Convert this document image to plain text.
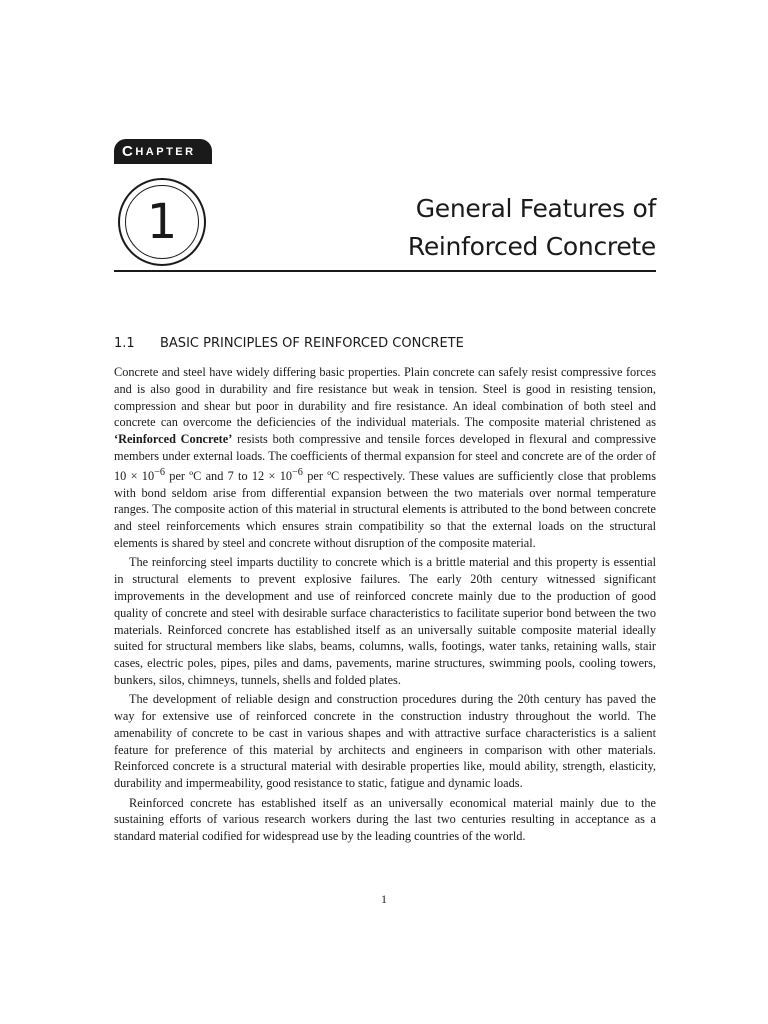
C HAPTER
1	General Features of
Reinforced Concrete
1.1 BASIC PRINCIPLES OF REINFORCED CONCRETE

Concrete and steel have widely differing basic properties. Plain concrete can safely resist compressive forces and is also good in durability and fire resistance but weak in tension. Steel is good in resisting tension, compression and shear but poor in durability and fire resistance. An ideal combination of both steel and concrete can overcome the deficiencies of the individual materials. The composite material christened as ‘Reinforced Concrete’ resists both compressive and tensile forces developed in flexural and compressive members under external loads. The coefficients of thermal expansion for steel and concrete are of the order of $10 \times 10^{-6}$ per ºC and 7 to $12 \times 10^{-6}$ per ºC respectively. These values are sufficiently close that problems with bond seldom arise from differential expansion between the two materials over normal temperature ranges. The composite action of this material in structural elements is attributed to the bond between concrete and steel reinforcements which ensures strain compatibility so that the external loads on the structural elements is shared by steel and concrete without disruption of the composite material.

The reinforcing steel imparts ductility to concrete which is a brittle material and this property is essential in structural elements to prevent explosive failures. The early 20th century witnessed significant improvements in the development and use of reinforced concrete mainly due to the production of good quality of concrete and steel with desirable surface characteristics to facilitate superior bond between the two materials. Reinforced concrete has established itself as an universally suitable composite material ideally suited for structural members like slabs, beams, columns, walls, footings, water tanks, retaining walls, stair cases, electric poles, pipes, piles and dams, pavements, marine structures, swimming pools, cooling towers, bunkers, silos, chimneys, tunnels, shells and folded plates.

The development of reliable design and construction procedures during the 20th century has paved the way for extensive use of reinforced concrete in the construction industry throughout the world. The amenability of concrete to be cast in various shapes and with attractive surface characteristics is a salient feature for preference of this material by architects and engineers in comparison with other materials. Reinforced concrete is a structural material with desirable properties like, mould ability, strength, elasticity, durability and impermeability, good resistance to static, fatigue and dynamic loads.

Reinforced concrete has established itself as an universally economical material mainly due to the sustaining efforts of various research workers during the last two centuries resulting in acceptance as a standard material codified for widespread use by the leading countries of the world.

1
